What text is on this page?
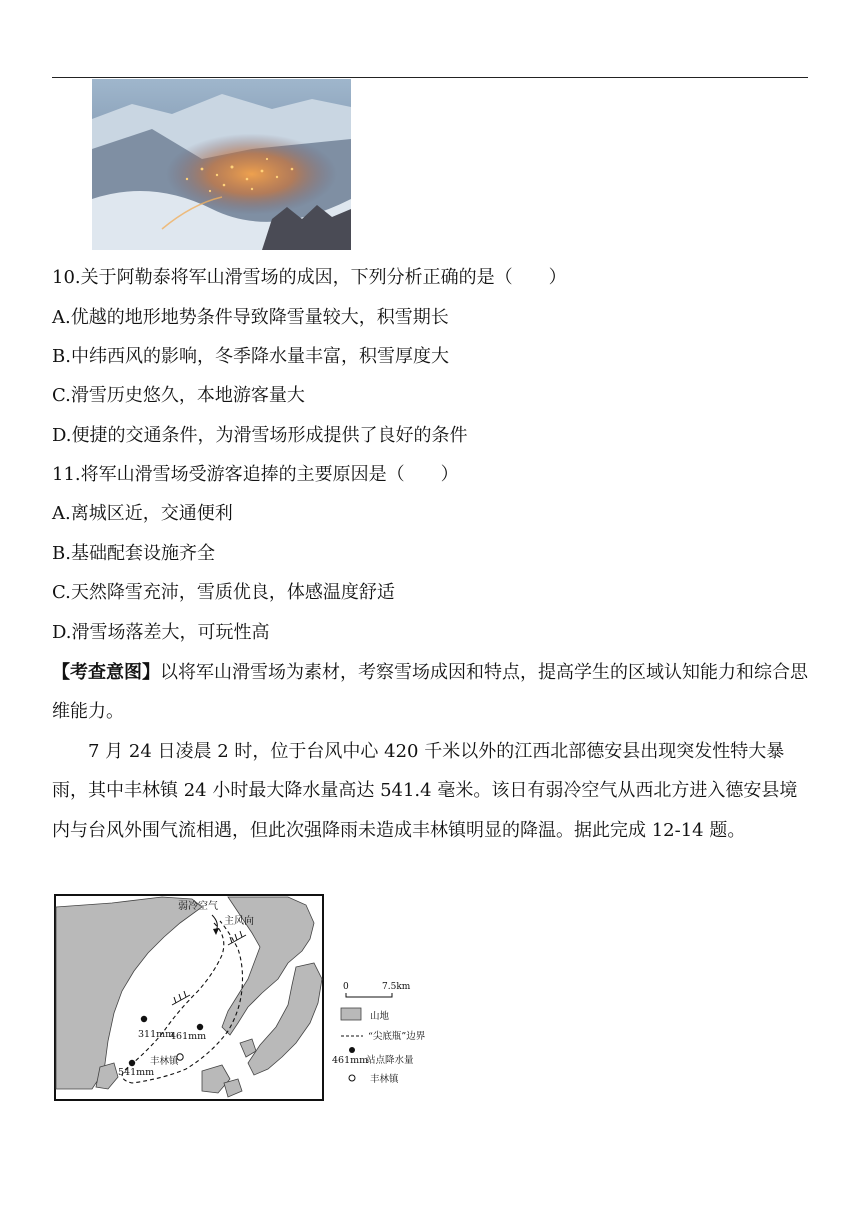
10.关于阿勒泰将军山滑雪场的成因，下列分析正确的是（　　）
A.优越的地形地势条件导致降雪量较大，积雪期长
B.中纬西风的影响，冬季降水量丰富，积雪厚度大
C.滑雪历史悠久，本地游客量大
D.便捷的交通条件，为滑雪场形成提供了良好的条件
11.将军山滑雪场受游客追捧的主要原因是（　　）
A.离城区近，交通便利
B.基础配套设施齐全
C.天然降雪充沛，雪质优良，体感温度舒适
D.滑雪场落差大，可玩性高
【考查意图】以将军山滑雪场为素材，考察雪场成因和特点，提高学生的区域认知能力和综合思维能力。
7 月 24 日凌晨 2 时，位于台风中心 420 千米以外的江西北部德安县出现突发性特大暴雨，其中丰林镇 24 小时最大降水量高达 541.4 毫米。该日有弱冷空气从西北方进入德安县境内与台风外围气流相遇，但此次强降雨未造成丰林镇明显的降温。据此完成 12-14 题。
弱冷空气
主风向
311mm
461mm
541mm
丰林镇
0	7.5km
山地
“尖底瓶”边界
461mm
站点降水量
丰林镇
